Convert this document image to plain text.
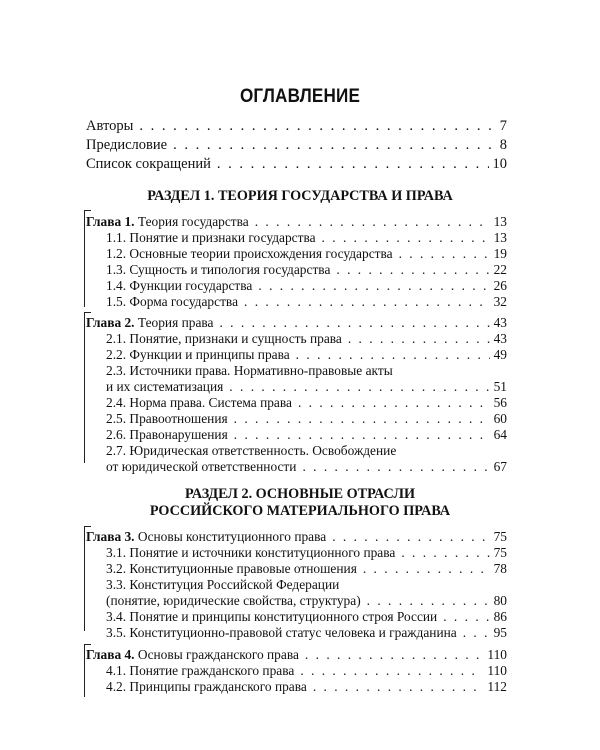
ОГЛАВЛЕНИЕ
Авторы . . .	7
Предисловие . . .	8
Список сокращений . . .	10
РАЗДЕЛ 1. ТЕОРИЯ ГОСУДАРСТВА И ПРАВА
Глава 1. Теория государства . . .	13
1.1. Понятие и признаки государства . . .	13
1.2. Основные теории происхождения государства . . .	19
1.3. Сущность и типология государства . . .	22
1.4. Функции государства . . .	26
1.5. Форма государства . . .	32
Глава 2. Теория права . . .	43
2.1. Понятие, признаки и сущность права . . .	43
2.2. Функции и принципы права . . .	49
2.3. Источники права. Нормативно-правовые акты
и их систематизация . . .	51
2.4. Норма права. Система права . . .	56
2.5. Правоотношения . . .	60
2.6. Правонарушения . . .	64
2.7. Юридическая ответственность. Освобождение
от юридической ответственности . . .	67
РАЗДЕЛ 2. ОСНОВНЫЕ ОТРАСЛИ
РОССИЙСКОГО МАТЕРИАЛЬНОГО ПРАВА
Глава 3. Основы конституционного права . . .	75
3.1. Понятие и источники конституционного права . . .	75
3.2. Конституционные правовые отношения . . .	78
3.3. Конституция Российской Федерации
(понятие, юридические свойства, структура) . . .	80
3.4. Понятие и принципы конституционного строя России . . .	86
3.5. Конституционно-правовой статус человека и гражданина . . .	95
Глава 4. Основы гражданского права . . .	110
4.1. Понятие гражданского права . . .	110
4.2. Принципы гражданского права . . .	112
